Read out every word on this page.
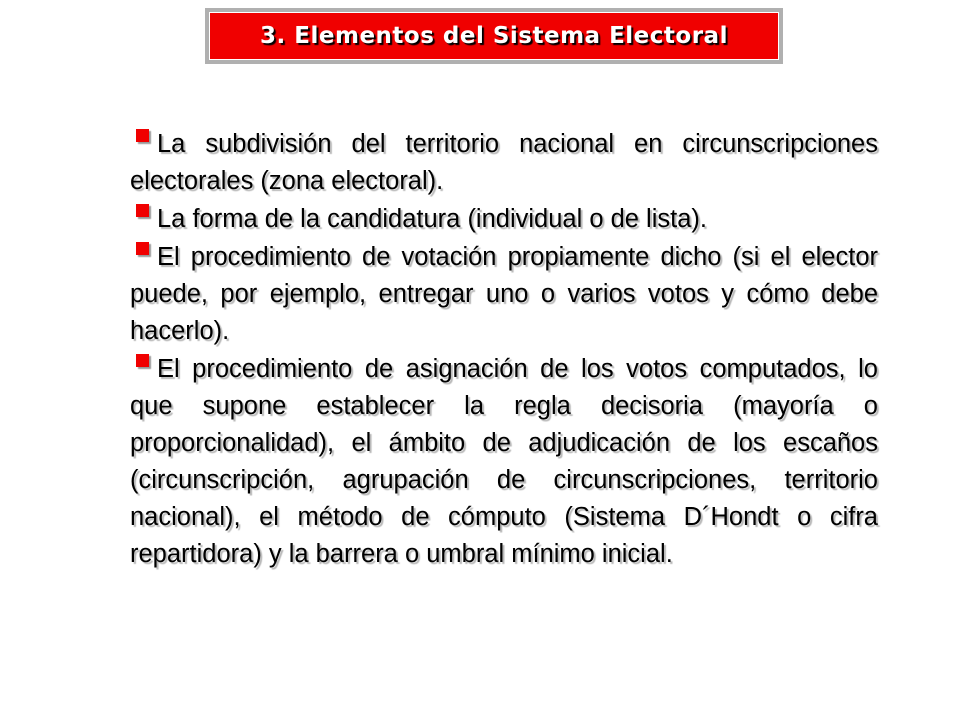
3. Elementos del Sistema Electoral
La subdivisión del territorio nacional en circunscripciones electorales (zona electoral).
La forma de la candidatura (individual o de lista).
El procedimiento de votación propiamente dicho (si el elector puede, por ejemplo, entregar uno o varios votos y cómo debe hacerlo).
El procedimiento de asignación de los votos computados, lo que supone establecer la regla decisoria (mayoría o proporcionalidad), el ámbito de adjudicación de los escaños (circunscripción, agrupación de circunscripciones, territorio nacional), el método de cómputo (Sistema D´Hondt o cifra repartidora) y la barrera o umbral mínimo inicial.
